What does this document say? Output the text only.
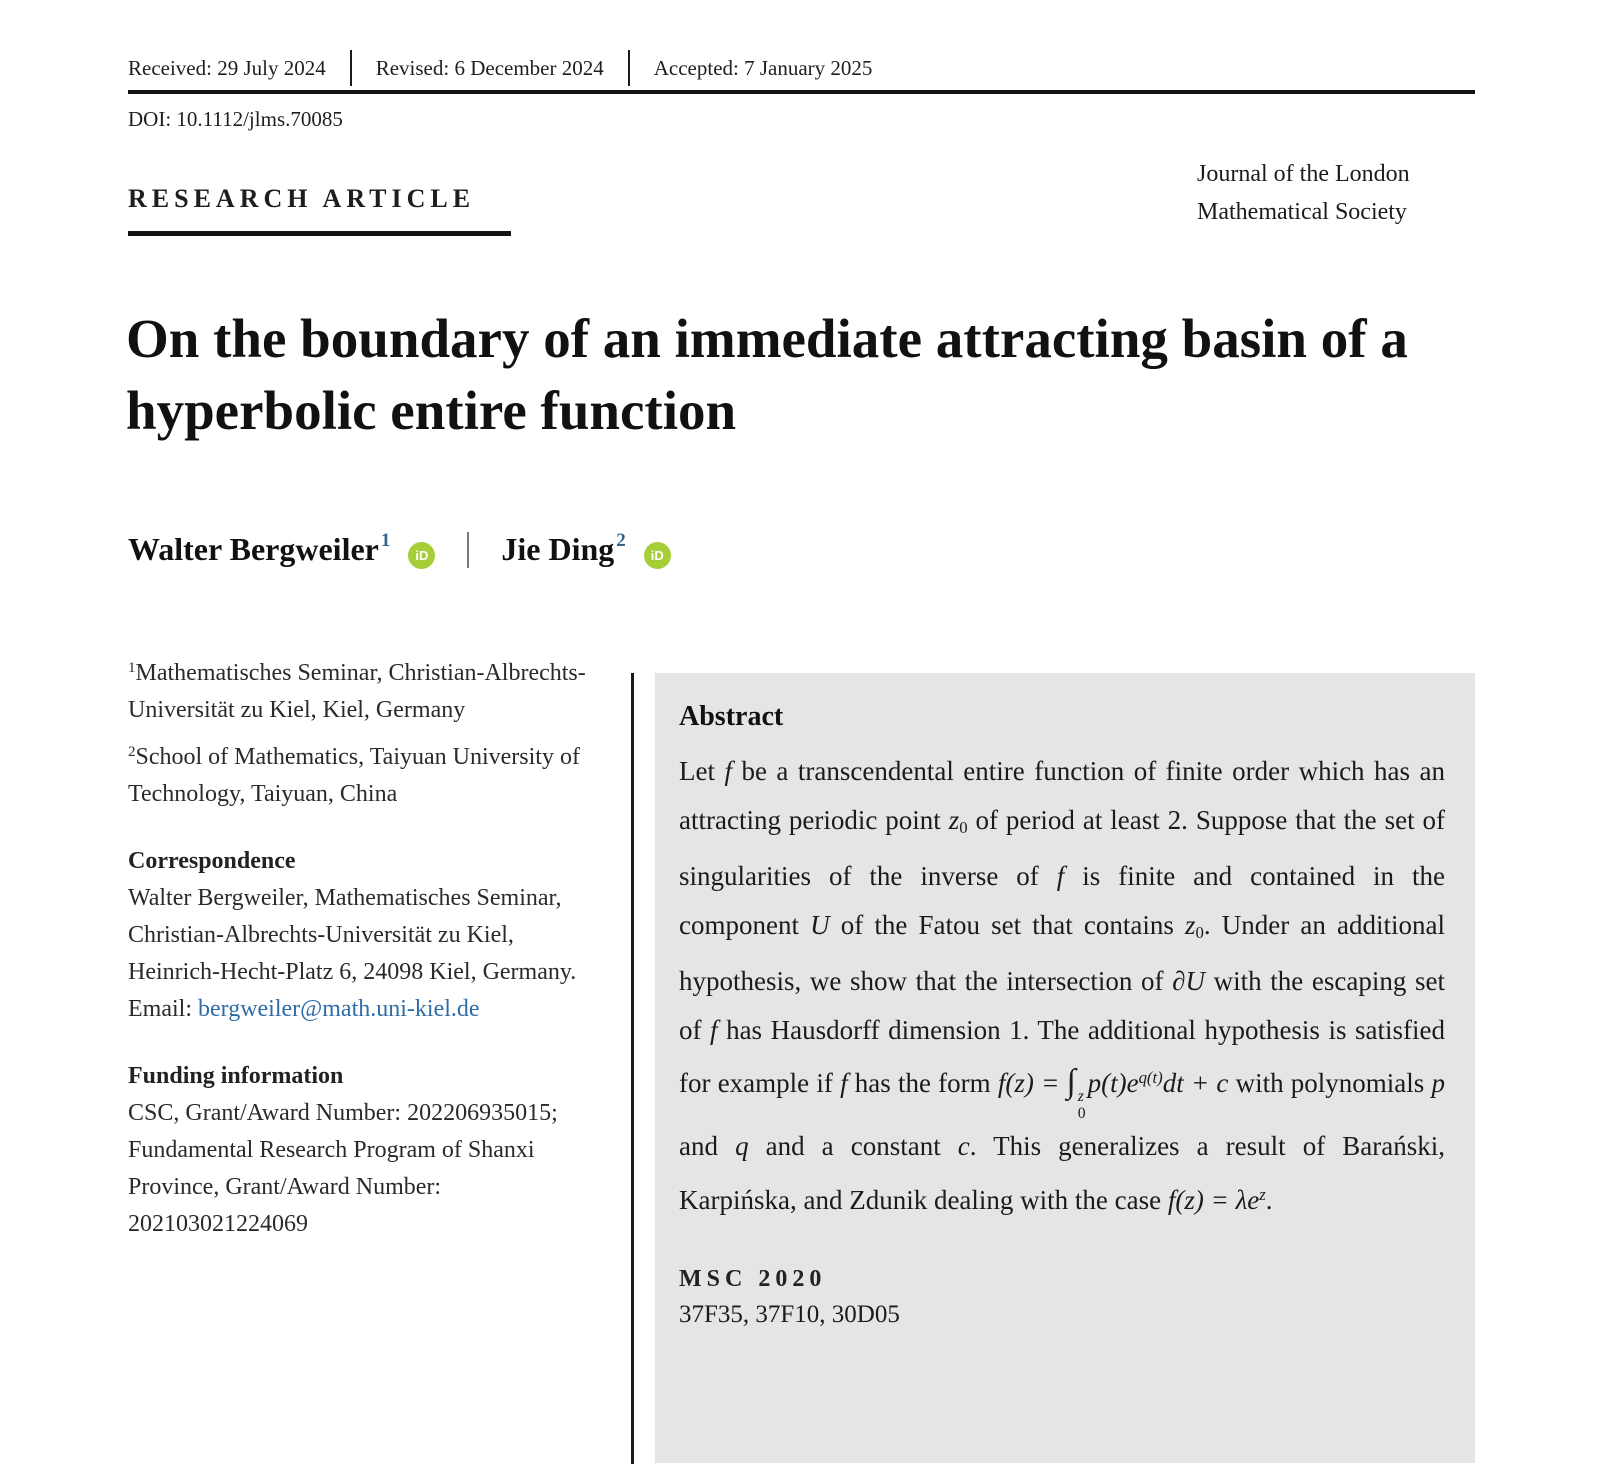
Received: 29 July 2024	Revised: 6 December 2024	Accepted: 7 January 2025
DOI: 10.1112/jlms.70085
RESEARCH ARTICLE
Journal of the London
Mathematical Society
On the boundary of an immediate attracting basin of a hyperbolic entire function
Walter Bergweiler $^1$ iD Jie Ding $^2$ iD

$^1$Mathematisches Seminar, Christian-Albrechts-Universität zu Kiel, Kiel, Germany

$^2$School of Mathematics, Taiyuan University of Technology, Taiyuan, China

Correspondence

Walter Bergweiler, Mathematisches Seminar, Christian-Albrechts-Universität zu Kiel, Heinrich-Hecht-Platz 6, 24098 Kiel, Germany.

Email: bergweiler@math.uni-kiel.de
Funding information

CSC, Grant/Award Number: 202206935015; Fundamental Research Program of Shanxi Province, Grant/Award Number: 202103021224069

Abstract

Let f be a transcendental entire function of finite order which has an attracting periodic point z0 of period at least 2. Suppose that the set of singularities of the inverse of f is finite and contained in the component U of the Fatou set that contains z0. Under an additional hypothesis, we show that the intersection of ∂U with the escaping set of f has Hausdorff dimension 1. The additional hypothesis is satisfied for example if f has the form f(z) = ∫ z
0
$p(t)e^{q(t)}dt + c$ with polynomials p and q and a constant c. This generalizes a result of Barański, Karpińska, and Zdunik dealing with the case $f(z) = \lambda e^z$.

MSC 2020
37F35, 37F10, 30D05
